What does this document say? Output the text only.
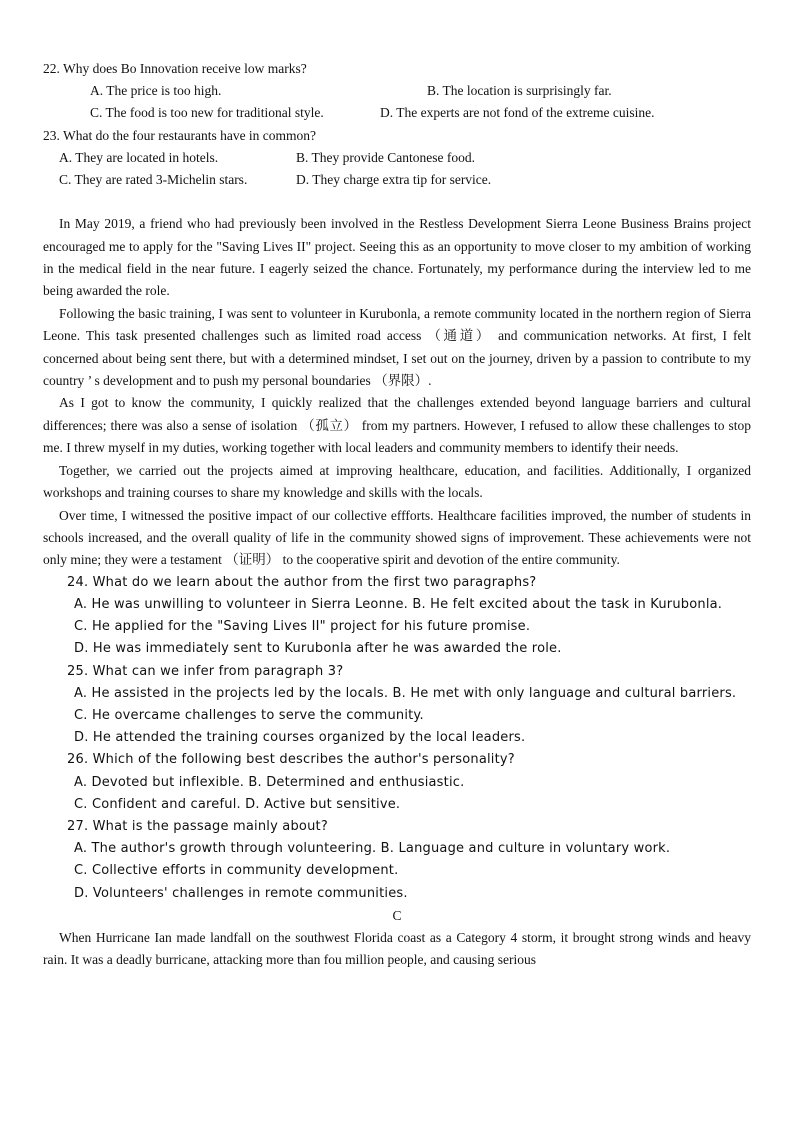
22. Why does Bo Innovation receive low marks?
A. The price is too high.	B. The location is surprisingly far.
C. The food is too new for traditional style.	D. The experts are not fond of the extreme cuisine.
23. What do the four restaurants have in common?
A. They are located in hotels.	B. They provide Cantonese food.
C. They are rated 3-Michelin stars.	D. They charge extra tip for service.

In May 2019, a friend who had previously been involved in the Restless Development Sierra Leone Business Brains project encouraged me to apply for the "Saving Lives II" project. Seeing this as an opportunity to move closer to my ambition of working in the medical field in the near future. I eagerly seized the chance. Fortunately, my performance during the interview led to me being awarded the role.

Following the basic training, I was sent to volunteer in Kurubonla, a remote community located in the northern region of Sierra Leone. This task presented challenges such as limited road access （通道） and communication networks. At first, I felt concerned about being sent there, but with a determined mindset, I set out on the journey, driven by a passion to contribute to my country ’ s development and to push my personal boundaries （界限）.

As I got to know the community, I quickly realized that the challenges extended beyond language barriers and cultural differences; there was also a sense of isolation （孤立） from my partners. However, I refused to allow these challenges to stop me. I threw myself in my duties, working together with local leaders and community members to identify their needs.

Together, we carried out the projects aimed at improving healthcare, education, and facilities. Additionally, I organized workshops and training courses to share my knowledge and skills with the locals.

Over time, I witnessed the positive impact of our collective effforts. Healthcare facilities improved, the number of students in schools increased, and the overall quality of life in the community showed signs of improvement. These achievements were not only mine; they were a testament （证明） to the cooperative spirit and devotion of the entire community.

24. What do we learn about the author from the first two paragraphs?
A. He was unwilling to volunteer in Sierra Leonne. B. He felt excited about the task in Kurubonla.
C. He applied for the "Saving Lives II" project for his future promise.
D. He was immediately sent to Kurubonla after he was awarded the role.
25. What can we infer from paragraph 3?
A. He assisted in the projects led by the locals. B. He met with only language and cultural barriers.
C. He overcame challenges to serve the community.
D. He attended the training courses organized by the local leaders.
26. Which of the following best describes the author's personality?
A. Devoted but inflexible. B. Determined and enthusiastic.
C. Confident and careful. D. Active but sensitive.
27. What is the passage mainly about?
A. The author's growth through volunteering. B. Language and culture in voluntary work.
C. Collective efforts in community development.
D. Volunteers' challenges in remote communities.
C

When Hurricane Ian made landfall on the southwest Florida coast as a Category 4 storm, it brought strong winds and heavy rain. It was a deadly burricane, attacking more than fou million people, and causing serious
